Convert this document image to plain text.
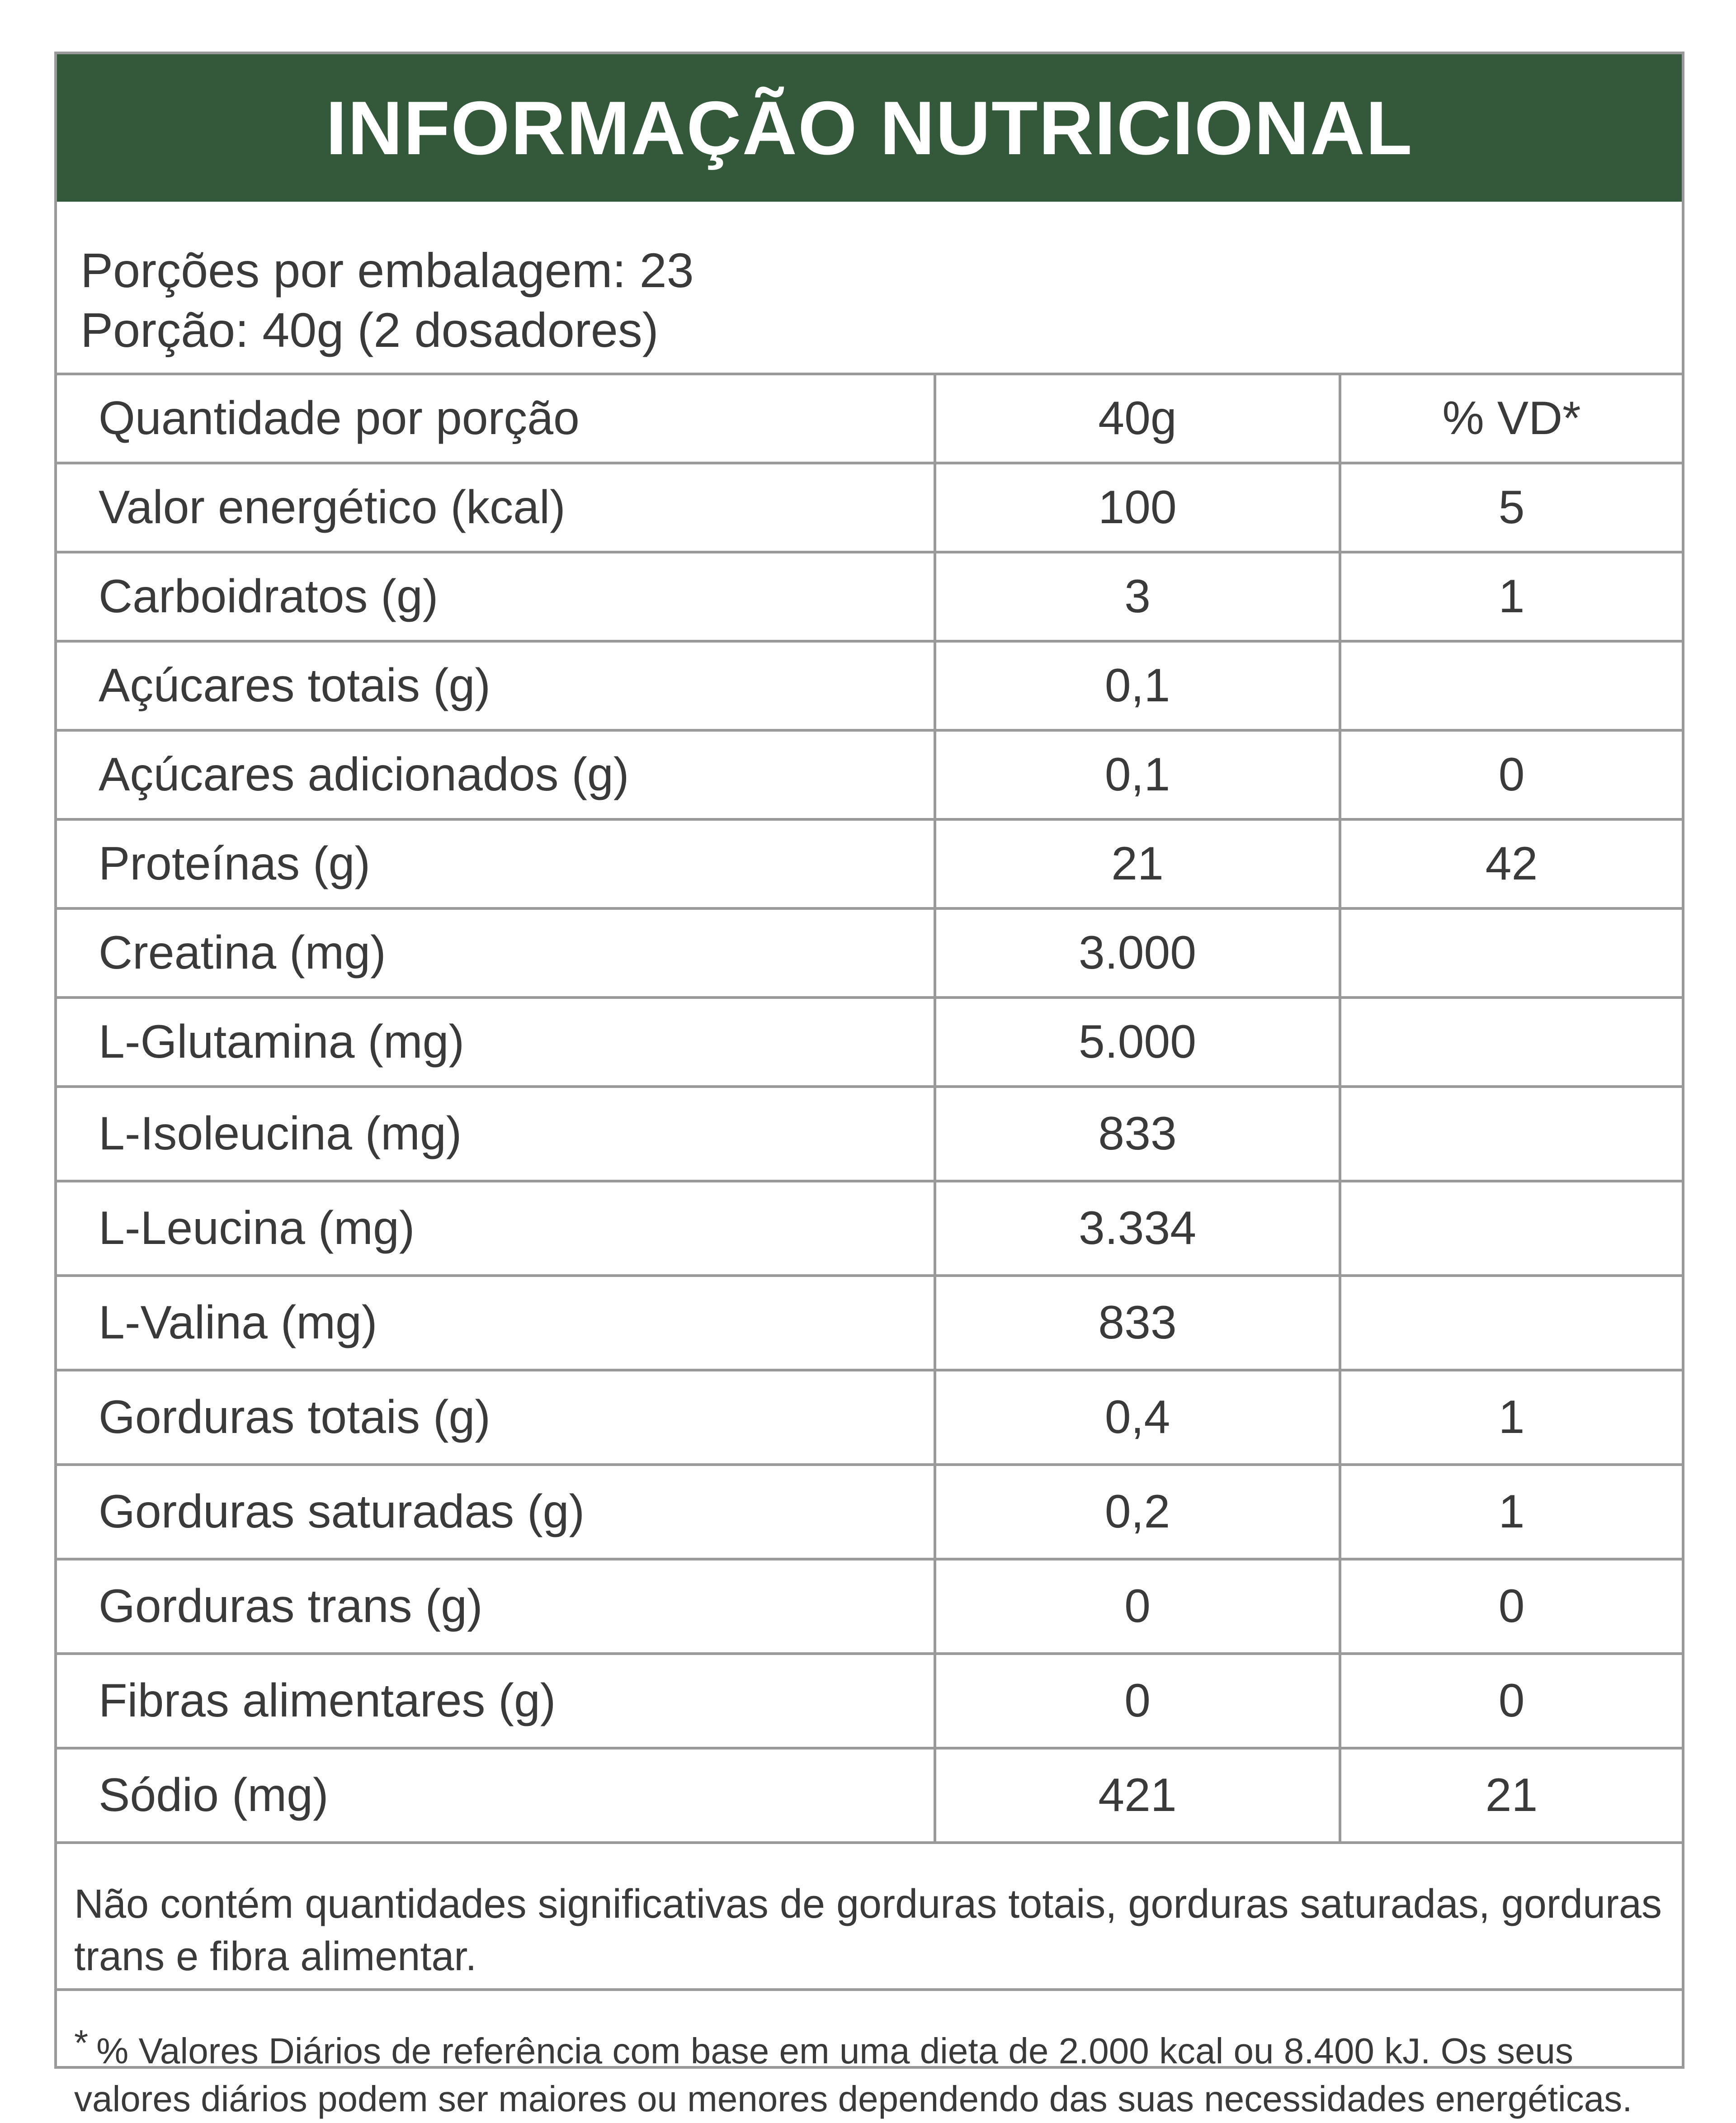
INFORMAÇÃO NUTRICIONAL
Porções por embalagem: 23
Porção: 40g (2 dosadores)
Quantidade por porção	40g	% VD*
Valor energético (kcal)	100	5
Carboidratos (g)	3	1
Açúcares totais (g)	0,1	
Açúcares adicionados (g)	0,1	0
Proteínas (g)	21	42
Creatina (mg)	3.000	
L-Glutamina (mg)	5.000	
L-Isoleucina (mg)	833	
L-Leucina (mg)	3.334	
L-Valina (mg)	833	
Gorduras totais (g)	0,4	1
Gorduras saturadas (g)	0,2	1
Gorduras trans (g)	0	0
Fibras alimentares (g)	0	0
Sódio (mg)	421	21
Não contém quantidades significativas de gorduras totais, gorduras saturadas, gorduras trans e fibra alimentar.
* % Valores Diários de referência com base em uma dieta de 2.000 kcal ou 8.400 kJ. Os seus valores diários podem ser maiores ou menores dependendo das suas necessidades energéticas.
